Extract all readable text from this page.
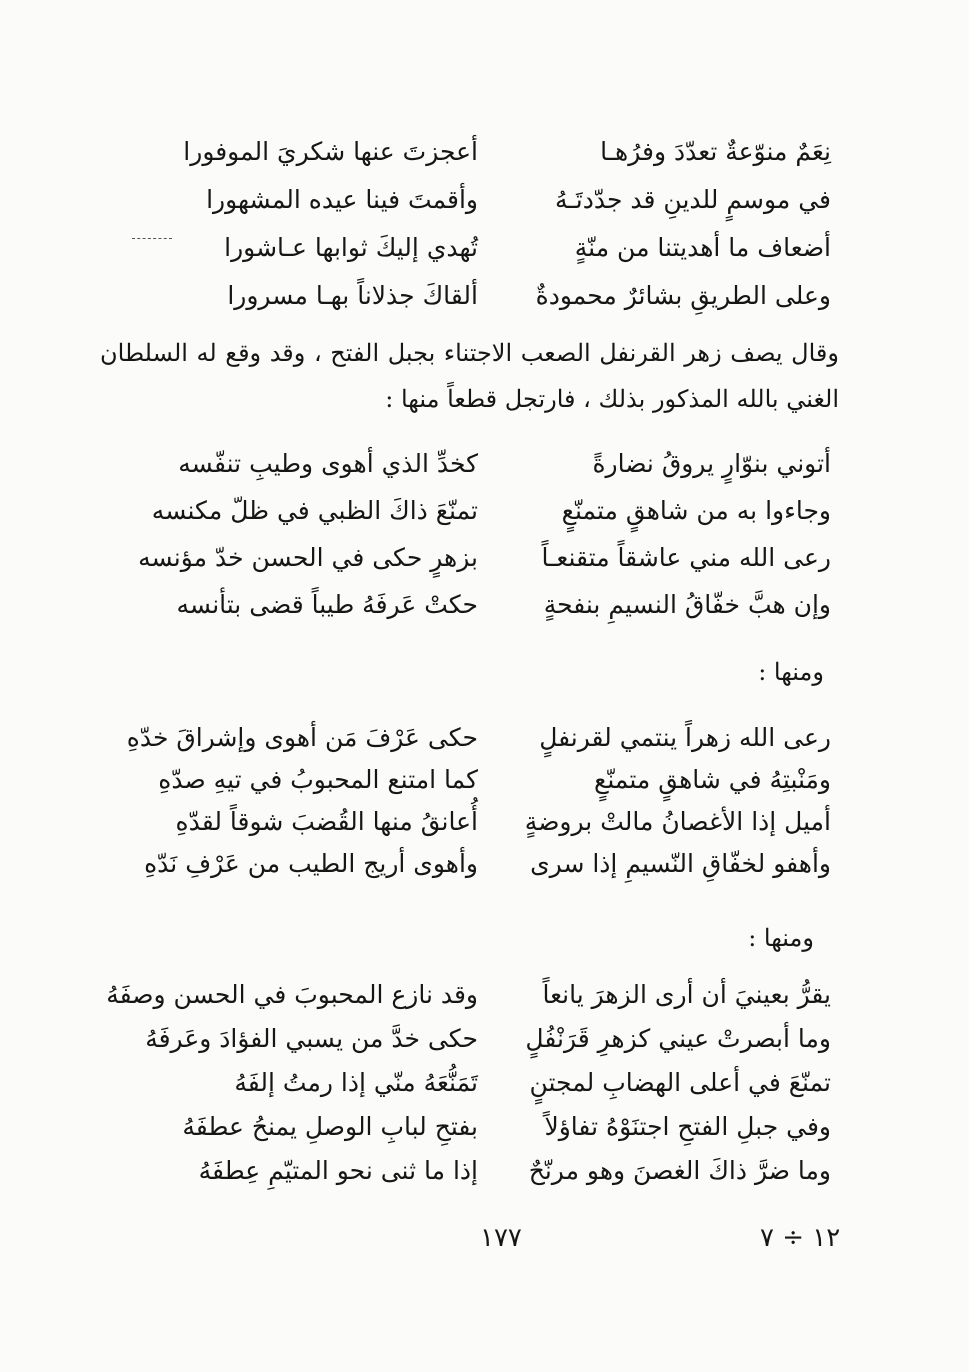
نِعَمٌ منوّعةٌ تعدّدَ وفرُهـا
أعجزتَ عنها شكريَ الموفورا
في موسمٍ للدينِ قد جدّدتَـهُ
وأقمتَ فينا عيده المشهورا
أضعاف ما أهديتنا من منّةٍ
تُهدي إليكَ ثوابها عـاشورا
وعلى الطريقِ بشائرٌ محمودةٌ
ألقاكَ جذلاناً بهـا مسرورا
وقال يصف زهر القرنفل الصعب الاجتناء بجبل الفتح ، وقد وقع له السلطان الغني بالله المذكور بذلك ، فارتجل قطعاً منها :
أتوني بنوّارٍ يروقُ نضارةً
كخدِّ الذي أهوى وطيبِ تنفّسه
وجاءوا به من شاهقٍ متمنّعٍ
تمنّعَ ذاكَ الظبي في ظلّ مكنسه
رعى الله مني عاشقاً متقنعـاً
بزهرٍ حكى في الحسن خدّ مؤنسه
وإن هبَّ خفّاقُ النسيمِ بنفحةٍ
حكتْ عَرفَهُ طيباً قضى بتأنسه
ومنها :
رعى الله زهراً ينتمي لقرنفلٍ
حكى عَرْفَ مَن أهوى وإشراقَ خدّهِ
ومَنْبتِهُ في شاهقٍ متمنّعٍ
كما امتنع المحبوبُ في تيهِ صدّهِ
أميل إذا الأغصانُ مالتْ بروضةٍ
أُعانقُ منها القُضبَ شوقاً لقدّهِ
وأهفو لخفّاقِ النّسيمِ إذا سرى
وأهوى أريج الطيب من عَرْفِ نَدّهِ
ومنها :
يقرُّ بعينيَ أن أرى الزهرَ يانعاً
وقد نازع المحبوبَ في الحسن وصفَهُ
وما أبصرتْ عيني كزهرِ قَرَنْفُلٍ
حكى خدَّ من يسبي الفؤادَ وعَرفَهُ
تمنّعَ في أعلى الهضابِ لمجتنٍ
تَمَنُّعَهُ منّي إذا رمتُ إلفَهُ
وفي جبلِ الفتحِ اجتنَوْهُ تفاؤلاً
بفتحِ لبابِ الوصلِ يمنحُ عطفَهُ
وما ضرَّ ذاكَ الغصنَ وهو مرنّحٌ
إذا ما ثنى نحو المتيّمِ عِطفَهُ
١٧٧	١٢ ÷ ٧
